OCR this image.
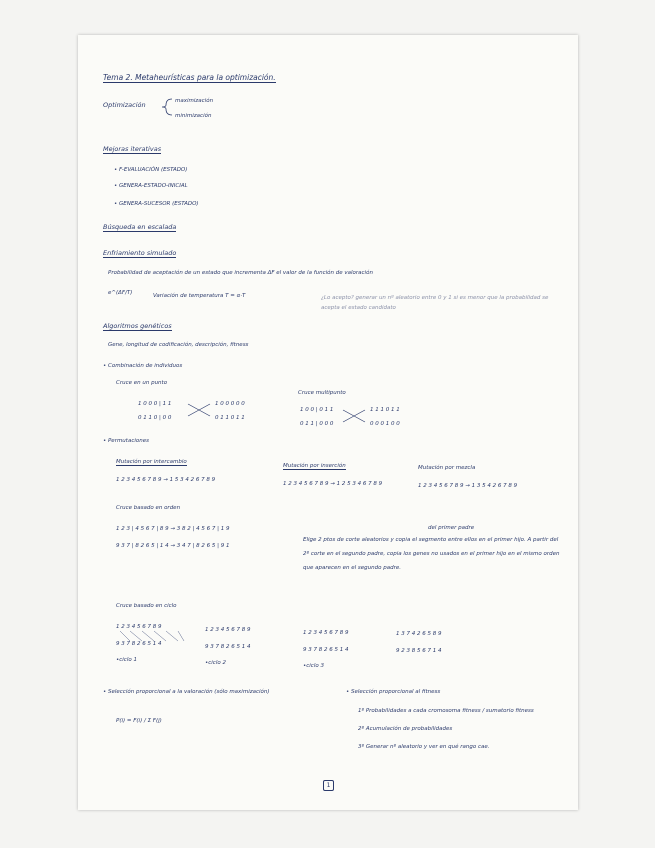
Tema 2. Metaheurísticas para la optimización.
Optimización	maximización
minimización
Mejoras iterativas
• F-EVALUACIÓN (ESTADO)
• GENERA-ESTADO-INICIAL
• GENERA-SUCESOR (ESTADO)
Búsqueda en escalada
Enfriamiento simulado
Probabilidad de aceptación de un estado que incrementa ΔF el valor de la función de valoración
e^(ΔF/T)	Variación de temperatura T = α·T	¿Lo acepto? generar un nº aleatorio entre 0 y 1 si es menor que la probabilidad se acepta el estado candidato
Algoritmos genéticos
Gene, longitud de codificación, descripción, fitness
• Combinación de individuos
Cruce en un punto
1 0 0 0 | 1 1
0 1 1 0 | 0 0
1 0 0 0 0 0
0 1 1 0 1 1
Cruce multipunto
1 0 0 | 0 1 1
0 1 1 | 0 0 0
1 1 1 0 1 1
0 0 0 1 0 0
• Permutaciones
Mutación por intercambio
1 2 3 4 5 6 7 8 9 → 1 5 3 4 2 6 7 8 9
Mutación por inserción
1 2 3 4 5 6 7 8 9 → 1 2 5 3 4 6 7 8 9
Mutación por mezcla
1 2 3 4 5 6 7 8 9 → 1 3 5 4 2 6 7 8 9
Cruce basado en orden
1 2 3 | 4 5 6 7 | 8 9 → 3 8 2 | 4 5 6 7 | 1 9
9 3 7 | 8 2 6 5 | 1 4 → 3 4 7 | 8 2 6 5 | 9 1
del primer padre
Elige 2 ptos de corte aleatorios y copia el segmento entre ellos en el primer hijo. A partir del 2º corte en el segundo padre, copia los genes no usados en el primer hijo en el mismo orden que aparecen en el segundo padre.
Cruce basado en ciclo
1 2 3 4 5 6 7 8 9
9 3 7 8 2 6 5 1 4
•ciclo 1
1 2 3 4 5 6 7 8 9
9 3 7 8 2 6 5 1 4
•ciclo 2
1 2 3 4 5 6 7 8 9
9 3 7 8 2 6 5 1 4
•ciclo 3
1 3 7 4 2 6 5 8 9
9 2 3 8 5 6 7 1 4
• Selección proporcional a la valoración (sólo maximización)
P(i) = F(i) / Σ F(j)
• Selección proporcional al fitness
1º Probabilidades a cada cromosoma fitness / sumatorio fitness
2º Acumulación de probabilidades
3º Generar nº aleatorio y ver en qué rango cae.
1
